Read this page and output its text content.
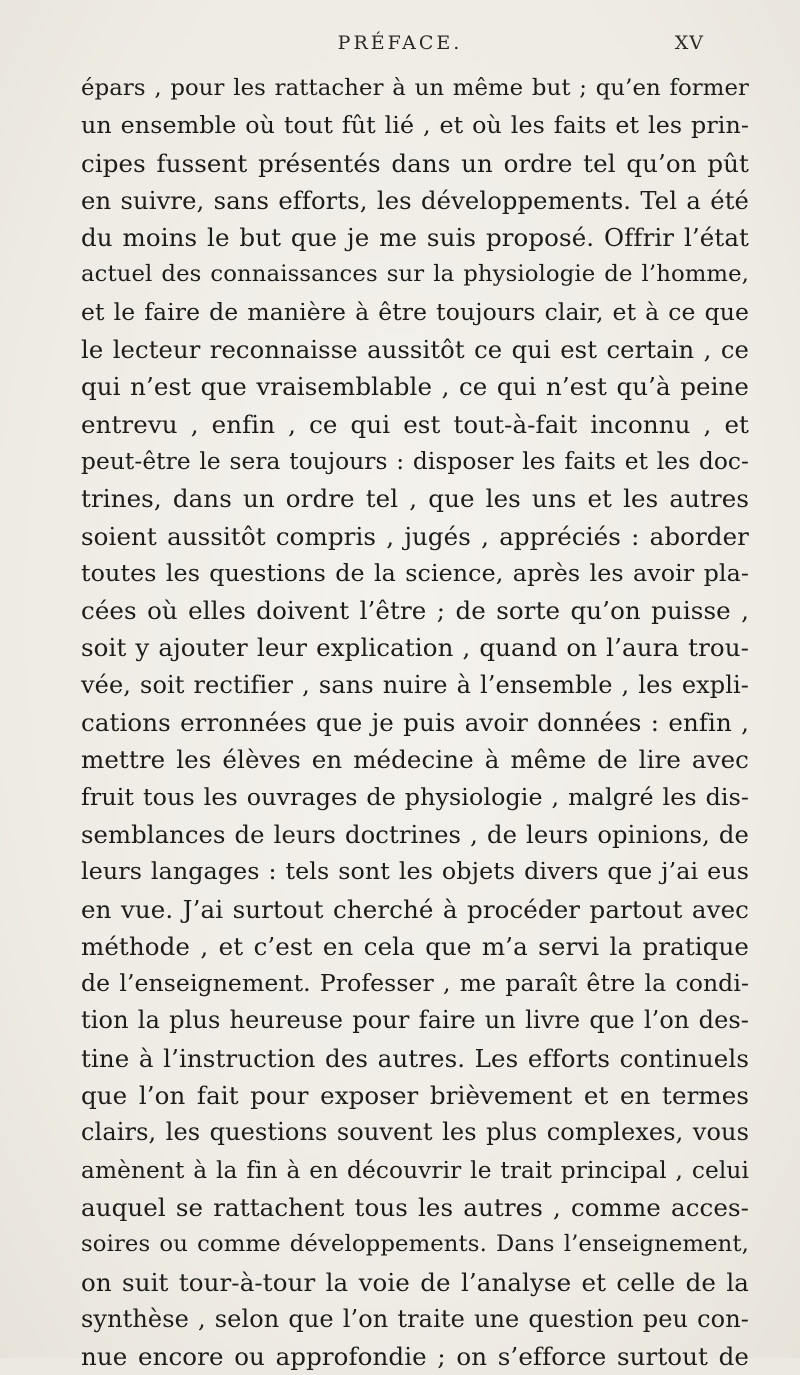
PRÉFACE.	XV
épars , pour les rattacher à un même but ; qu’en former
un ensemble où tout fût lié , et où les faits et les prin-
cipes fussent présentés dans un ordre tel qu’on pût
en suivre, sans efforts, les développements. Tel a été
du moins le but que je me suis proposé. Offrir l’état
actuel des connaissances sur la physiologie de l’homme,
et le faire de manière à être toujours clair, et à ce que
le lecteur reconnaisse aussitôt ce qui est certain , ce
qui n’est que vraisemblable , ce qui n’est qu’à peine
entrevu , enfin , ce qui est tout-à-fait inconnu , et
peut-être le sera toujours : disposer les faits et les doc-
trines, dans un ordre tel , que les uns et les autres
soient aussitôt compris , jugés , appréciés : aborder
toutes les questions de la science, après les avoir pla-
cées où elles doivent l’être ; de sorte qu’on puisse ,
soit y ajouter leur explication , quand on l’aura trou-
vée, soit rectifier , sans nuire à l’ensemble , les expli-
cations erronnées que je puis avoir données : enfin ,
mettre les élèves en médecine à même de lire avec
fruit tous les ouvrages de physiologie , malgré les dis-
semblances de leurs doctrines , de leurs opinions, de
leurs langages : tels sont les objets divers que j’ai eus
en vue. J’ai surtout cherché à procéder partout avec
méthode , et c’est en cela que m’a servi la pratique
de l’enseignement. Professer , me paraît être la condi-
tion la plus heureuse pour faire un livre que l’on des-
tine à l’instruction des autres. Les efforts continuels
que l’on fait pour exposer brièvement et en termes
clairs, les questions souvent les plus complexes, vous
amènent à la fin à en découvrir le trait principal , celui
auquel se rattachent tous les autres , comme acces-
soires ou comme développements. Dans l’enseignement,
on suit tour-à-tour la voie de l’analyse et celle de la
synthèse , selon que l’on traite une question peu con-
nue encore ou approfondie ; on s’efforce surtout de
